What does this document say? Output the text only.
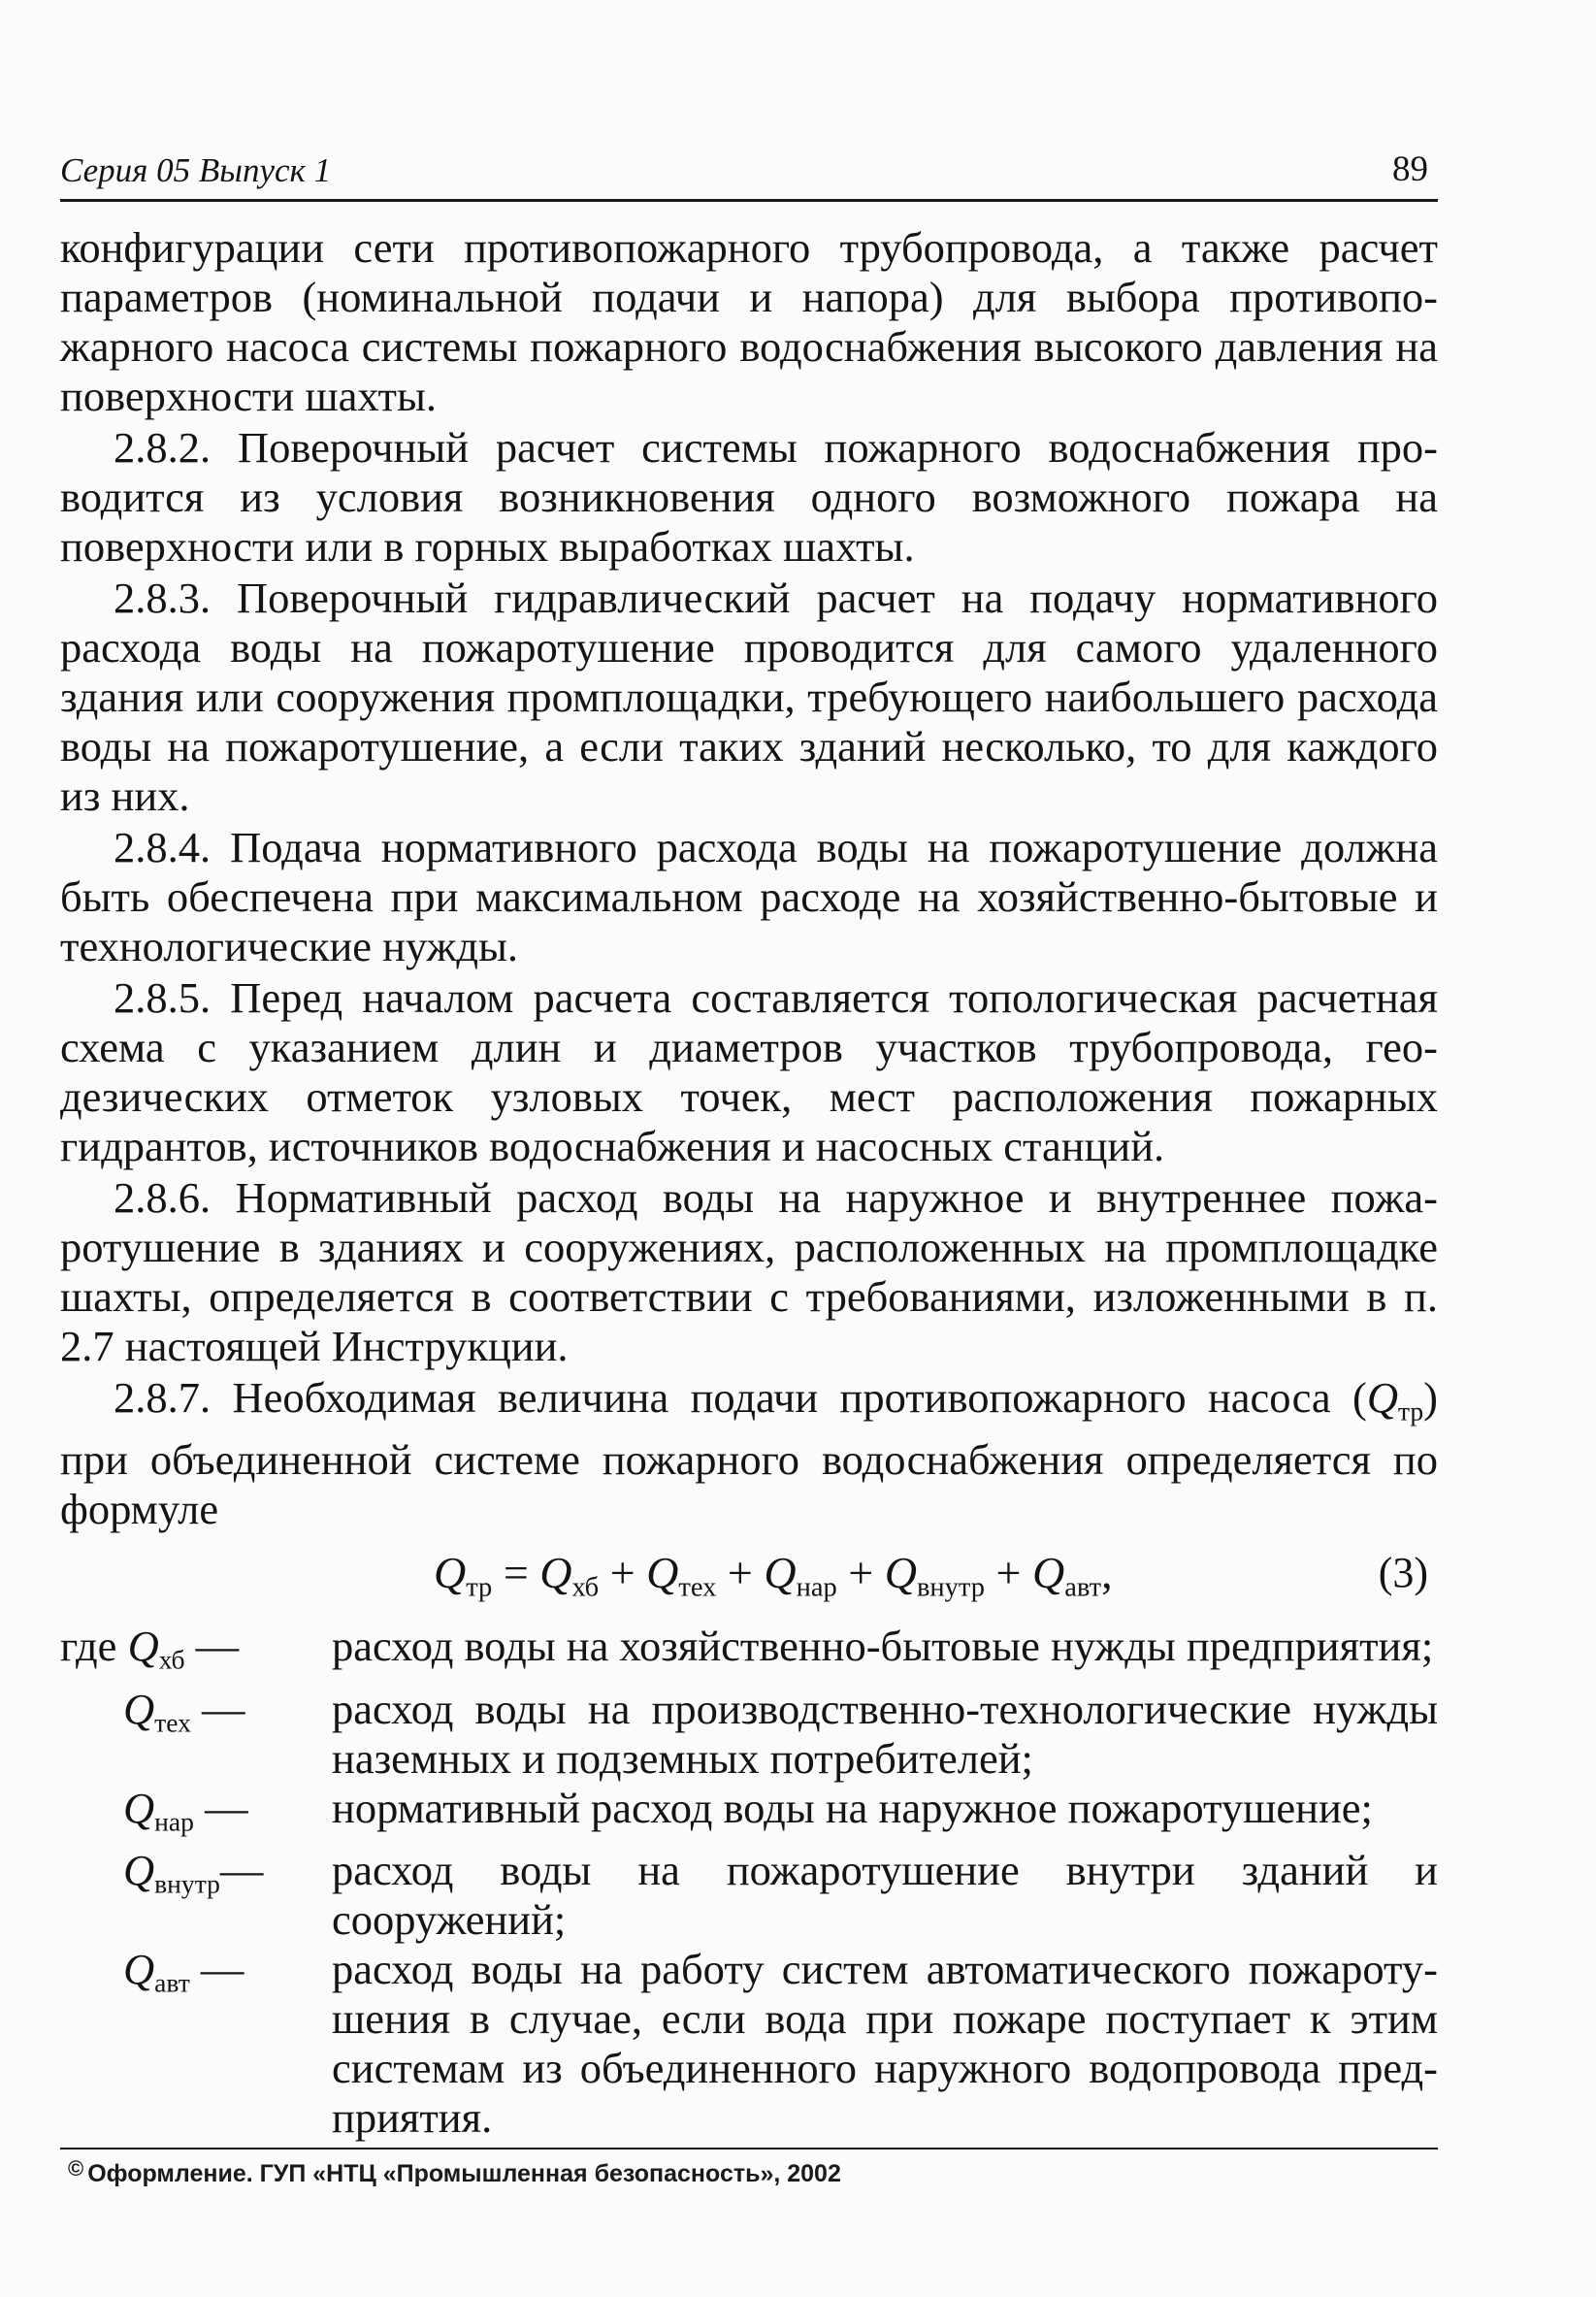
Серия 05 Выпуск 1	89

конфигурации сети противопожарного трубопровода, а также расчет параметров (номинальной подачи и напора) для выбора противопожарного насоса системы пожарного водоснабжения высокого давления на поверхности шахты.

2.8.2. Поверочный расчет системы пожарного водоснабжения проводится из условия возникновения одного возможного пожара на поверхности или в горных выработках шахты.

2.8.3. Поверочный гидравлический расчет на подачу нормативного расхода воды на пожаротушение проводится для самого удаленного здания или сооружения промплощадки, требующего наибольшего расхода воды на пожаротушение, а если таких зданий несколько, то для каждого из них.

2.8.4. Подача нормативного расхода воды на пожаротушение должна быть обеспечена при максимальном расходе на хозяйственно-бытовые и технологические нужды.

2.8.5. Перед началом расчета составляется топологическая расчетная схема с указанием длин и диаметров участков трубопровода, геодезических отметок узловых точек, мест расположения пожарных гидрантов, источников водоснабжения и насосных станций.

2.8.6. Нормативный расход воды на наружное и внутреннее пожаротушение в зданиях и сооружениях, расположенных на промплощадке шахты, определяется в соответствии с требованиями, изложенными в п. 2.7 настоящей Инструкции.

2.8.7. Необходимая величина подачи противопожарного насоса $(Q_{тр})$ при объединенной системе пожарного водоснабжения определяется по формуле

$Q_{тр} = Q_{хб} + Q_{тех} + Q_{нар} + Q_{внутр} + Q_{авт}$,	(3)
где $Q_{хб}$ —	расход воды на хозяйственно-бытовые нужды предприятия;
$Q_{тех}$ —	расход воды на производственно-технологические нужды наземных и подземных потребителей;
$Q_{нар}$ —	нормативный расход воды на наружное пожаротушение;
$Q_{внутр}—$	расход воды на пожаротушение внутри зданий и сооружений;
$Q_{авт}$ —	расход воды на работу систем автоматического пожаротушения в случае, если вода при пожаре поступает к этим системам из объединенного наружного водопровода предприятия.
© Оформление. ГУП «НТЦ «Промышленная безопасность», 2002
